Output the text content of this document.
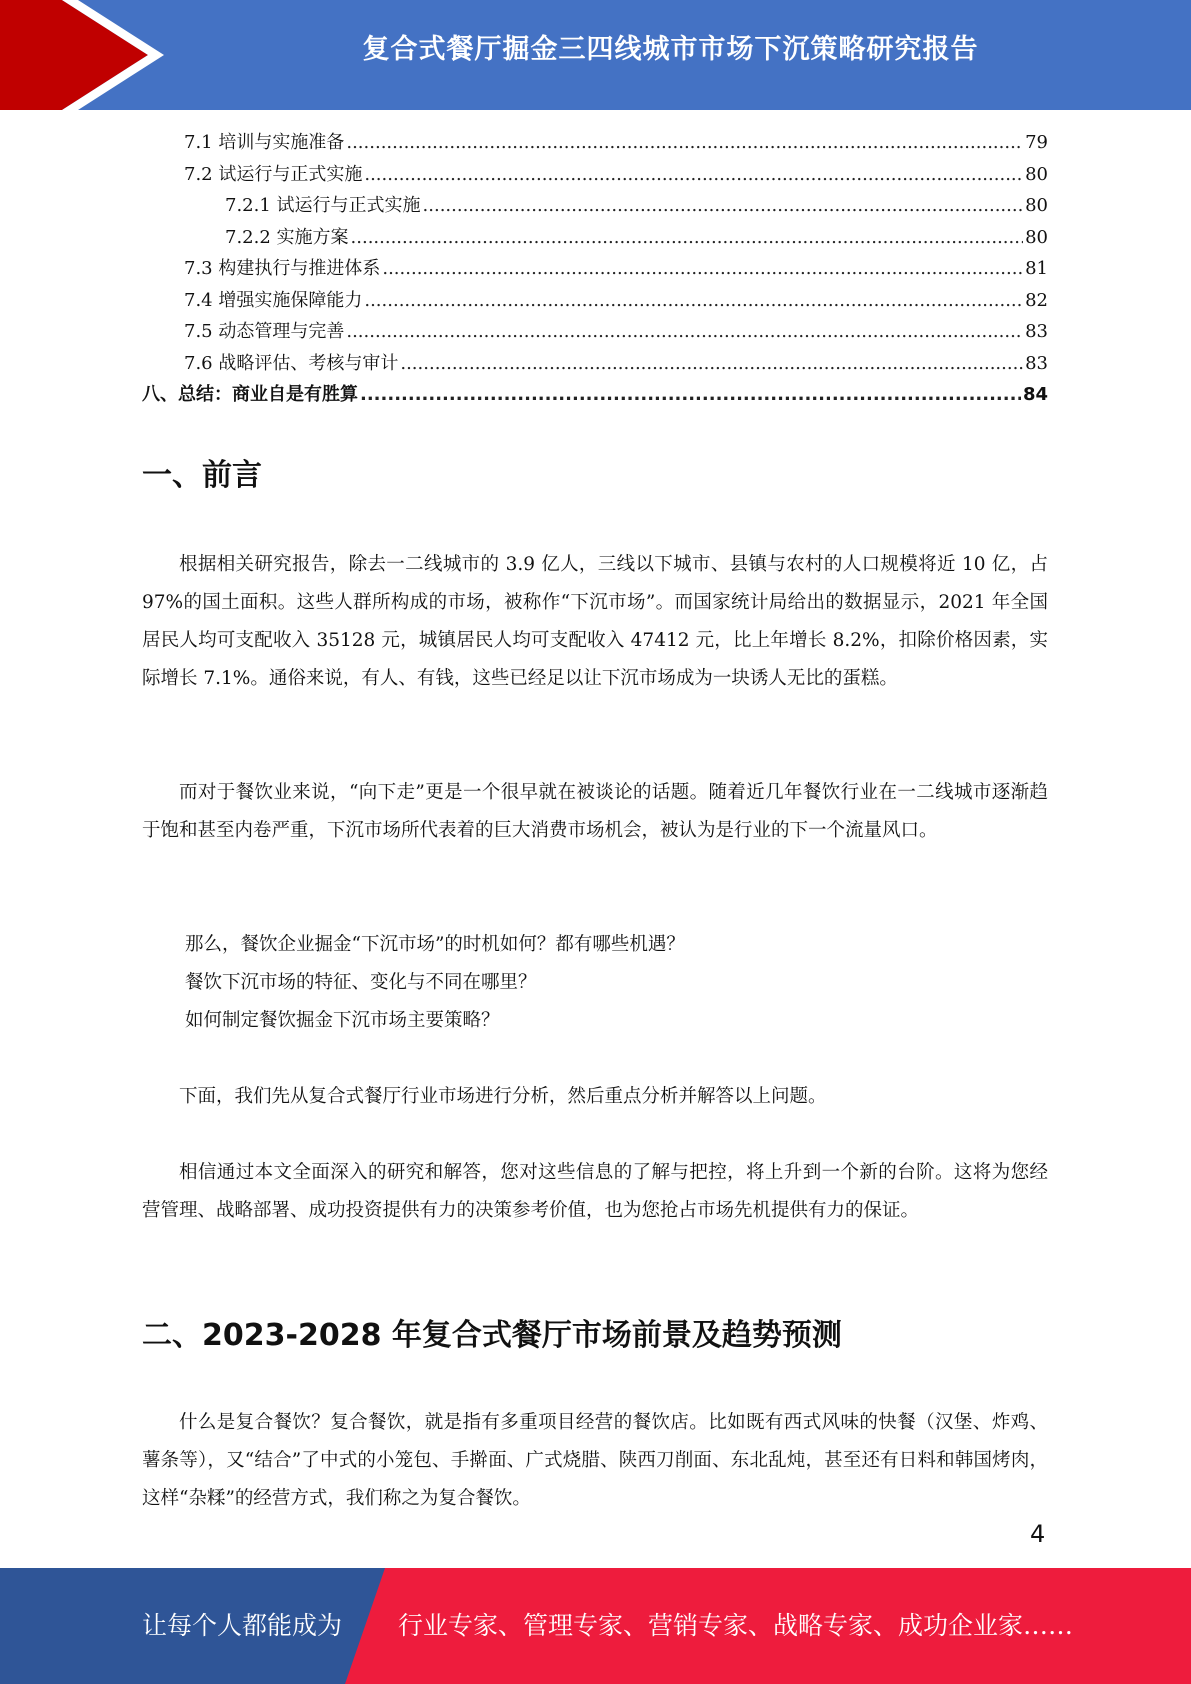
复合式餐厅掘金三四线城市市场下沉策略研究报告
7.1 培训与实施准备 .....	79
7.2 试运行与正式实施 .....	80
7.2.1 试运行与正式实施 .....	80
7.2.2 实施方案 .....	80
7.3 构建执行与推进体系 .....	81
7.4 增强实施保障能力 .....	82
7.5 动态管理与完善 .....	83
7.6 战略评估、考核与审计 .....	83
八、总结：商业自是有胜算 .....	84
一、前言

根据相关研究报告，除去一二线城市的 3.9 亿人，三线以下城市、县镇与农村的人口规模将近 10 亿，占 97%的国土面积。这些人群所构成的市场，被称作“下沉市场”。而国家统计局给出的数据显示，2021 年全国居民人均可支配收入 35128 元，城镇居民人均可支配收入 47412 元，比上年增长 8.2%，扣除价格因素，实际增长 7.1%。通俗来说，有人、有钱，这些已经足以让下沉市场成为一块诱人无比的蛋糕。

而对于餐饮业来说，“向下走”更是一个很早就在被谈论的话题。随着近几年餐饮行业在一二线城市逐渐趋于饱和甚至内卷严重，下沉市场所代表着的巨大消费市场机会，被认为是行业的下一个流量风口。

那么，餐饮企业掘金“下沉市场”的时机如何？都有哪些机遇？

餐饮下沉市场的特征、变化与不同在哪里？

如何制定餐饮掘金下沉市场主要策略？

下面，我们先从复合式餐厅行业市场进行分析，然后重点分析并解答以上问题。

相信通过本文全面深入的研究和解答，您对这些信息的了解与把控，将上升到一个新的台阶。这将为您经营管理、战略部署、成功投资提供有力的决策参考价值，也为您抢占市场先机提供有力的保证。

二、2023-2028 年复合式餐厅市场前景及趋势预测

什么是复合餐饮？复合餐饮，就是指有多重项目经营的餐饮店。比如既有西式风味的快餐（汉堡、炸鸡、薯条等），又“结合”了中式的小笼包、手擀面、广式烧腊、陕西刀削面、东北乱炖，甚至还有日料和韩国烤肉，这样“杂糅”的经营方式，我们称之为复合餐饮。

4
让每个人都能成为 行业专家、管理专家、营销专家、战略专家、成功企业家……
